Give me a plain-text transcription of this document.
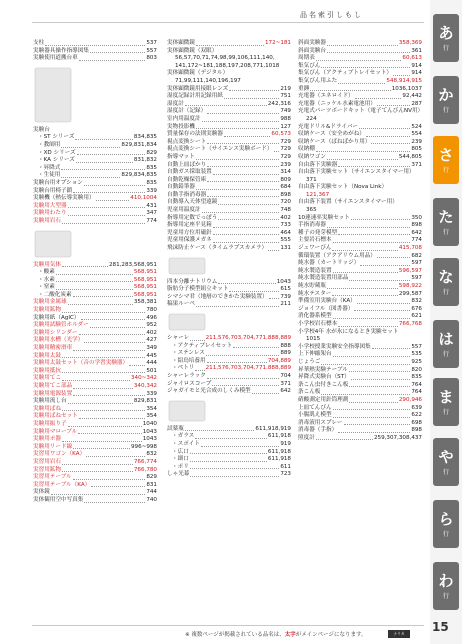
品名索引しもし
支柱	537
実験器具操作指導図集	557
実験使用道搬台車	803
実験台
・ST シリーズ	834,835
・教師用	829,831,834
・XD シリーズ	829
・KA シリーズ	831,832
・昇降式	835
・生徒用	829,834,835
実験台用オプション	835
実験台用椅子鎖	339
実験機（熱伝導実験用）	410,1004
実験用大型器	431
実験用わたり	347
実験用岩石	774
実験用気体	281,283,568,951
・酸素	568,951
・水素	568,951
・窒素	568,951
・二酸化炭素	568,951
実験用金属球	358,381
実験用鉱物	780
実験用紙（AgIC）	496
実験用試験管ホルダー	952
実験用シリンダー	402
実験用水槽（光学）	427
実験用精密滑車	349
実験用太鼓	445
実験用太鼓セット（音の学習実験器）	444
実験用抵抗	501
実験用てこ	340~342
実験用てこ部品	340,342
実験用電源装置	339
実験用流し台	829,831
実験用ばね	354
実験用ばねセット	354
実験用振り子	1040
実験用マローブル	1043
実験用ポ器	1043
実験用リード線	996~998
実習用ワゴン（KA）	832
実習用岩石	766,774
実習用鉱物	766,780
実習用テーブル	829
実習用テーブル（KA）	831
実体鏡	744
実体観用空中写真集	740
実体顕微鏡	172~181
実体顕微鏡（双眼）
56,57,70,71,74,98,99,106,111,140,
141,172~181,188,197,208,771,1018
実体顕微鏡（デジタル）
71,99,111,140,196,197
実体顕微鏡用接眼レンズ	219
湿度記録計用記録用紙	751
湿度計	242,316
湿度計（記録）	749
室内用温度計	988
実物投影機	127
質量保存の法則実験器	60,573
視点変換シート	729
視点変換シート（サイエンス実験ボード） 729
指導マット	729
自動上皿ばかり	239
自動ガス採取装置	314
自動乾燥保管庫	809
自動鉛筆器	684
自動手指消毒器	898
自動導入天体望遠鏡	720
児童用温度計	748
指導用定数でっぽう	402
指導用定座平見箱	733
児童用方位用磁針	464
児童用保護メガネ	555
飛沫防止ケース（タイムラプスカメラ） 131
四本分離ナトリウム	1043
脂肪分子模型組立キット	615
シマシマ君（地層のできかた実験装置） 739
稿果ルーペ	211
シャーレ	211,576,703,704,771,888,889
・アクティブレイセット	888
・ステンレス	889
・紹鳥培養用	704,889
・ペトリ 211,576,703,704,771,888,889
シャーレラック	704
ジャイロスコープ	371
ジャガイモと光合成のしくみ模型	642
試薬瓶	611,918,919
・ガラス	611,918
・スポイト	919
・広口	611,918
・細口	611,918
・ポリ	611
しゃ光幕	723
斜面実験器	358,369
斜面実験台	361
周期表	60,613
集気びん	914
集気びん（アクティブトレイセット）	914
集気びん用ふた	548,914,915
重錘	1036,1037
充電器（エネロイド）	92,442
充電器（ニッケル水素電池用）	287
充電式パーツボードキット（電子てんびんNV用）
224
充電ドリル&ドライバー	524
収納ケース（安全めがね）	554
収納ケース（ばねばかり用）	239
収納棚	805
収納ワゴン	544,805
自由落下実験器	371
自由落下実験セット（サイエンスタイマー用）
371
自由落下実験セット（Nova Link）
121,367
自由落下装置（サイエンスタイマー用）
365
10連速率実験セット	350
手指消毒器	898
種子の発芽模型	642
主要岩石標本	774
ジュワーびん	415,708
循環装置（アクアリウム用品）	682
純水器（カートリッジ）	597
純水製造装置	596,597
純水製造装置用部品	597
純水貯蔵瓶	598,922
純水テスター	299,587
準備室用実験台（KA）	832
ジョイフル（図書器）	676
消化器系模型	621
小学校岩石標本	766,768
小学校4年 水が氷になるとき実験セット
1015
小学校授業実験安全指導図集	557
上下伸縮架台	535
じょうご	925
昇華熱実験テーブル	820
昇降式実験台（ST）	835
条こん虫付きこん板	764
条こん板	764
硝酸測定用針筒理測	290,946
上皿てんびん	639
小腸肌え模型	622
消毒液用スプレー	698
消毒器（手指）	898
照度計	259,307,308,437
あ
行
か
行
さ
行
た
行
な
行
は
行
ま
行
や
行
ら
行
わ
行
※ 複数ページが掲載されている品名は、太字がメインページになります。	ナリカ	15
